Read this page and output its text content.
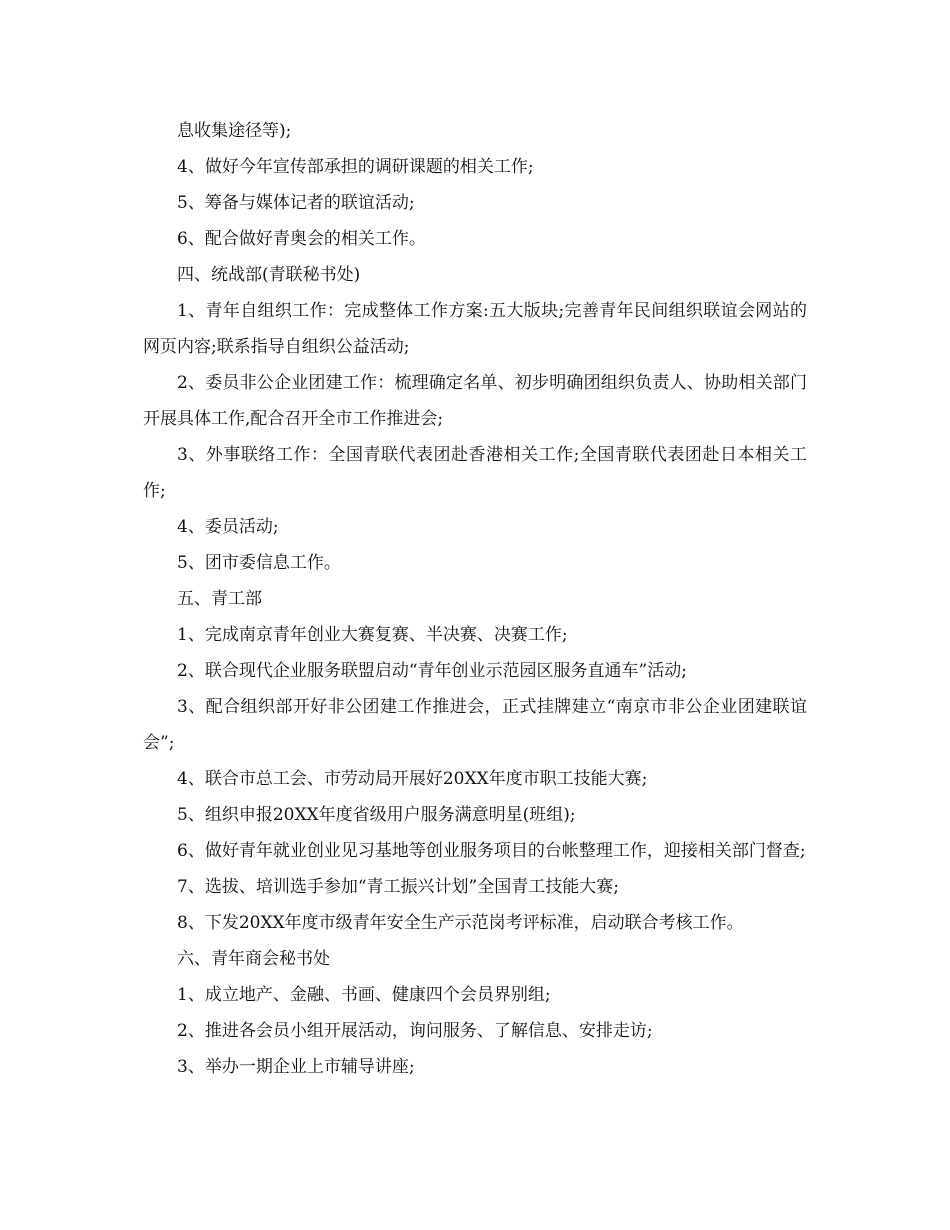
息收集途径等);

4、做好今年宣传部承担的调研课题的相关工作;

5、筹备与媒体记者的联谊活动;

6、配合做好青奥会的相关工作。

四、统战部(青联秘书处)

1、青年自组织工作：完成整体工作方案:五大版块;完善青年民间组织联谊会网站的网页内容;联系指导自组织公益活动;

2、委员非公企业团建工作：梳理确定名单、初步明确团组织负责人、协助相关部门开展具体工作,配合召开全市工作推进会;

3、外事联络工作：全国青联代表团赴香港相关工作;全国青联代表团赴日本相关工作;

4、委员活动;

5、团市委信息工作。

五、青工部

1、完成南京青年创业大赛复赛、半决赛、决赛工作;

2、联合现代企业服务联盟启动“青年创业示范园区服务直通车”活动;

3、配合组织部开好非公团建工作推进会，正式挂牌建立“南京市非公企业团建联谊会”;

4、联合市总工会、市劳动局开展好20XX年度市职工技能大赛;

5、组织申报20XX年度省级用户服务满意明星(班组);

6、做好青年就业创业见习基地等创业服务项目的台帐整理工作，迎接相关部门督查;

7、选拔、培训选手参加“青工振兴计划”全国青工技能大赛;

8、下发20XX年度市级青年安全生产示范岗考评标准，启动联合考核工作。

六、青年商会秘书处

1、成立地产、金融、书画、健康四个会员界别组;

2、推进各会员小组开展活动，询问服务、了解信息、安排走访;

3、举办一期企业上市辅导讲座;
